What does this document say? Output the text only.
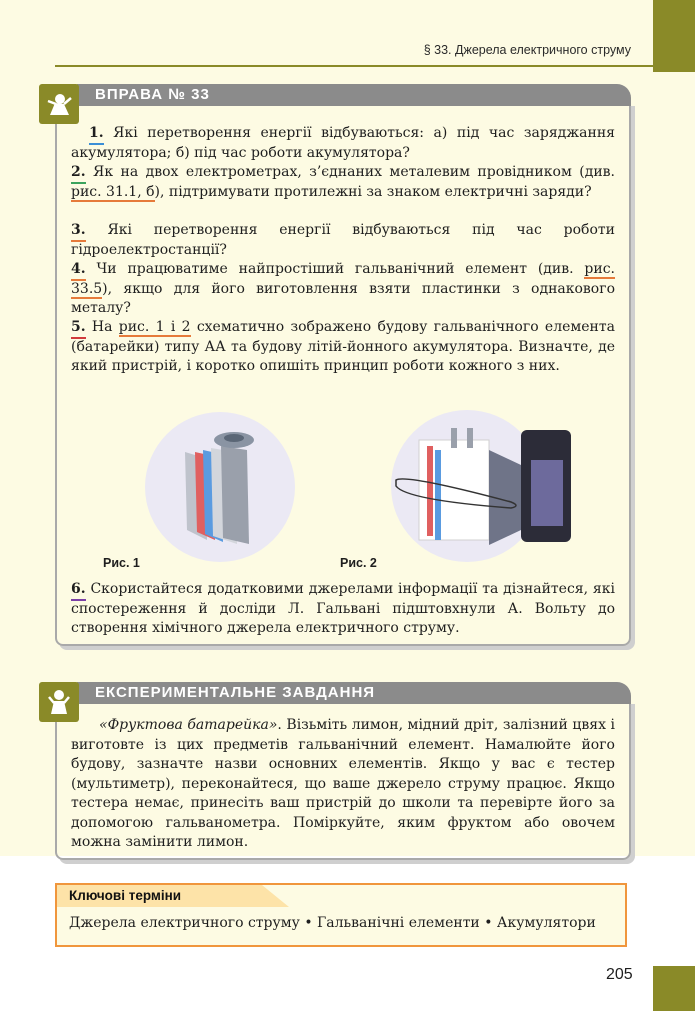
§ 33. Джерела електричного струму
ВПРАВА № 33
1. Які перетворення енергії відбуваються: а) під час заряджання акумулятора; б) під час роботи акумулятора?
2. Як на двох електрометрах, з’єднаних металевим провідником (див. рис. 31.1, б), підтримувати протилежні за знаком електричні заряди?
3. Які перетворення енергії відбуваються під час роботи гідроелектростанції?
4. Чи працюватиме найпростіший гальванічний елемент (див. рис. 33.5), якщо для його виготовлення взяти пластинки з однакового металу?
5. На рис. 1 і 2 схематично зображено будову гальванічного елемента (батарейки) типу АА та будову літій-йонного акумулятора. Визначте, де який пристрій, і коротко опишіть принцип роботи кожного з них.
Рис. 1	Рис. 2
6. Скористайтеся додатковими джерелами інформації та дізнайтеся, які спостереження й досліди Л. Гальвані підштовхнули А. Вольту до створення хімічного джерела електричного струму.
ЕКСПЕРИМЕНТАЛЬНЕ ЗАВДАННЯ
«Фруктова батарейка». Візьміть лимон, мідний дріт, залізний цвях і виготовте із цих предметів гальванічний елемент. Намалюйте його будову, зазначте назви основних елементів. Якщо у вас є тестер (мультиметр), переконайтеся, що ваше джерело струму працює. Якщо тестера немає, принесіть ваш пристрій до школи та перевірте його за допомогою гальванометра. Поміркуйте, яким фруктом або овочем можна замінити лимон.
Ключові терміни
Джерела електричного струму • Гальванічні елементи • Акумулятори
205
